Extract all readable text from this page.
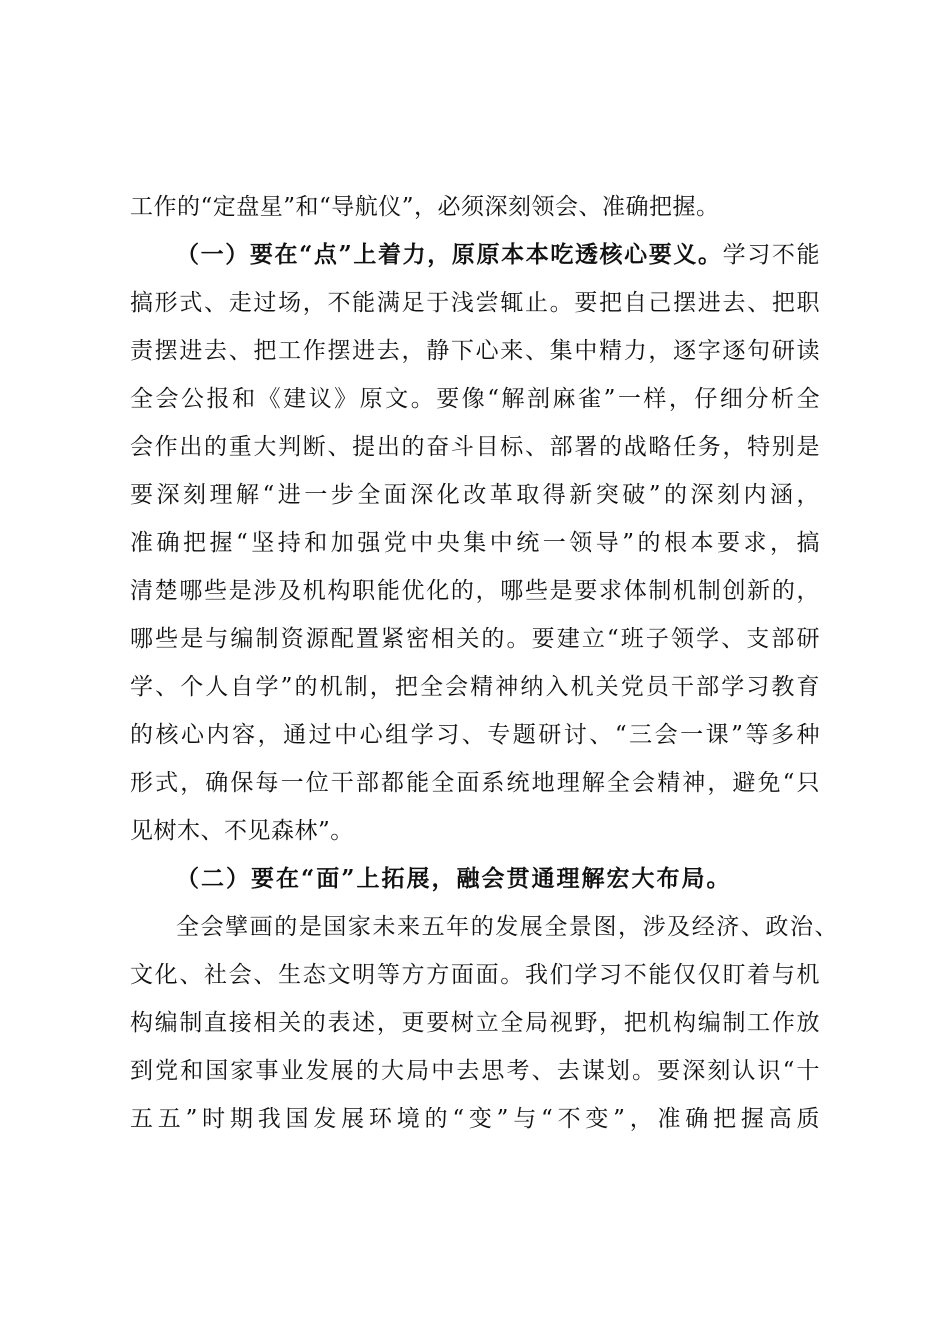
工作的“定盘星”和“导航仪”，必须深刻领会、准确把握。
（一）要在“点”上着力，原原本本吃透核心要义。学习不能
搞形式、走过场，不能满足于浅尝辄止。要把自己摆进去、把职
责摆进去、把工作摆进去，静下心来、集中精力，逐字逐句研读
全会公报和《建议》原文。要像“解剖麻雀”一样，仔细分析全
会作出的重大判断、提出的奋斗目标、部署的战略任务，特别是
要深刻理解“进一步全面深化改革取得新突破”的深刻内涵，
准确把握“坚持和加强党中央集中统一领导”的根本要求，搞
清楚哪些是涉及机构职能优化的，哪些是要求体制机制创新的，
哪些是与编制资源配置紧密相关的。要建立“班子领学、支部研
学、个人自学”的机制，把全会精神纳入机关党员干部学习教育
的核心内容，通过中心组学习、专题研讨、“三会一课”等多种
形式，确保每一位干部都能全面系统地理解全会精神，避免“只
见树木、不见森林”。
（二）要在“面”上拓展，融会贯通理解宏大布局。
全会擘画的是国家未来五年的发展全景图，涉及经济、政治、
文化、社会、生态文明等方方面面。我们学习不能仅仅盯着与机
构编制直接相关的表述，更要树立全局视野，把机构编制工作放
到党和国家事业发展的大局中去思考、去谋划。要深刻认识“十
五五”时期我国发展环境的“变”与“不变”，准确把握高质
